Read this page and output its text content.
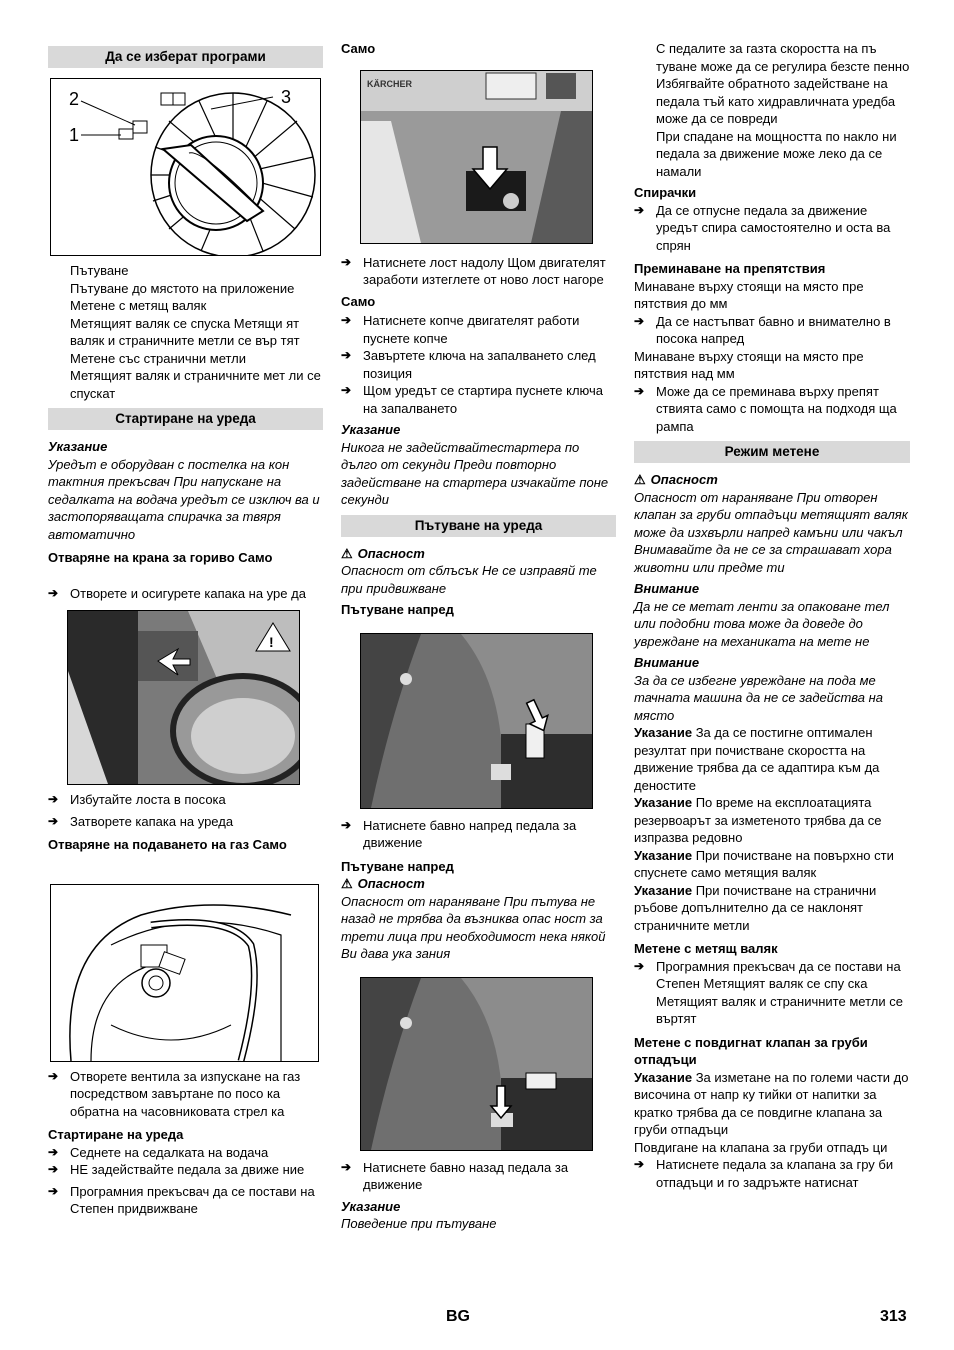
Да се изберат програми
2	3
1

Пътуване

Пътуване до мястото на приложение

Метене с метящ валяк

Метящият валяк се спуска Метящи ят валяк и страничните метли се вър тят

Метене със странични метли

Метящият валяк и страничните мет ли се спускат

Стартиране на уреда

Указание

Уредът е оборудван с постелка на кон тактния прекъсвач При напускане на седалката на водача уредът се изключ ва и застопоряващата спирачка за твяря автоматично

Отваряне на крана за гориво Само

➔ Отворете и осигурете капака на уре да

!

➔ Избутайте лоста в посока

➔ Затворете капака на уреда

Отваряне на подаването на газ Само

➔ Отворете вентила за изпускане на газ посредством завъртане по посо ка обратна на часовниковата стрел ка

Стартиране на уреда

➔ Седнете на седалката на водача

➔ НЕ задействайте педала за движе ние

➔ Програмния прекъсвач да се постави на Степен придвижване

Само

KÄRCHER

➔ Натиснете лост надолу Щом двигателят заработи изтеглете от ново лост нагоре

Само

➔ Натиснете копче двигателят работи пуснете копче

➔ Завъртете ключа на запалването след позиция

➔ Щом уредът се стартира пуснете ключа на запалването

Указание

Никога не задействайтестартера по дълго от секунди Преди повторно задействане на стартера изчакайте поне секунди

Пътуване на уреда

⚠ Опасност

Опасност от сблъсък Не се изправяй те при придвижване

Пътуване напред

➔ Натиснете бавно напред педала за движение

Пътуване напред

⚠ Опасност

Опасност от нараняване При пътува не назад не трябва да възниква опас ност за трети лица при необходимост нека някой Ви дава ука зания

➔ Натиснете бавно назад педала за движение

Указание

Поведение при пътуване

С педалите за газта скоростта на пъ туване може да се регулира безсте пенно

Избягвайте обратното задействане на педала тъй като хидравличната уредба може да се повреди

При спадане на мощността по накло ни педала за движение може леко да се намали

Спирачки

➔ Да се отпусне педала за движение уредът спира самостоятелно и оста ва спрян

Преминаване на препятствия

Минаване върху стоящи на място пре пятствия до мм

➔ Да се настъпват бавно и внимателно в посока напред

Минаване върху стоящи на място пре пятствия над мм

➔ Може да се преминава върху препят ствията само с помощта на подходя ща рампа

Режим метене

⚠ Опасност

Опасност от нараняване При отворен клапан за груби отпадъци метящият валяк може да изхвърли напред камъни или чакъл Внимавайте да не се за страшават хора животни или предме ти

Внимание

Да не се метат ленти за опаковане тел или подобни това може да доведе до увреждане на механиката на мете не

Внимание

За да се избегне увреждане на пода ме тачната машина да не се задейства на място

Указание За да се постигне оптимален резултат при почистване скоростта на движение трябва да се адаптира към да деностите

Указание По време на експлоатацията резервоарът за изметеното трябва да се изпразва редовно

Указание При почистване на повърхно сти спуснете само метящия валяк

Указание При почистване на странични ръбове допълнително да се наклонят страничните метли

Метене с метящ валяк

➔ Програмния прекъсвач да се постави на Степен Метящият валяк се спу ска Метящият валяк и страничните метли се въртят

Метене с повдигнат клапан за груби отпадъци

Указание За изметане на по големи части до височина от напр ку тийки от напитки за кратко трябва да се повдигне клапана за груби отпадъци

Повдигане на клапана за груби отпадъ ци

➔ Натиснете педала за клапана за гру би отпадъци и го задръжте натиснат

BG	313
